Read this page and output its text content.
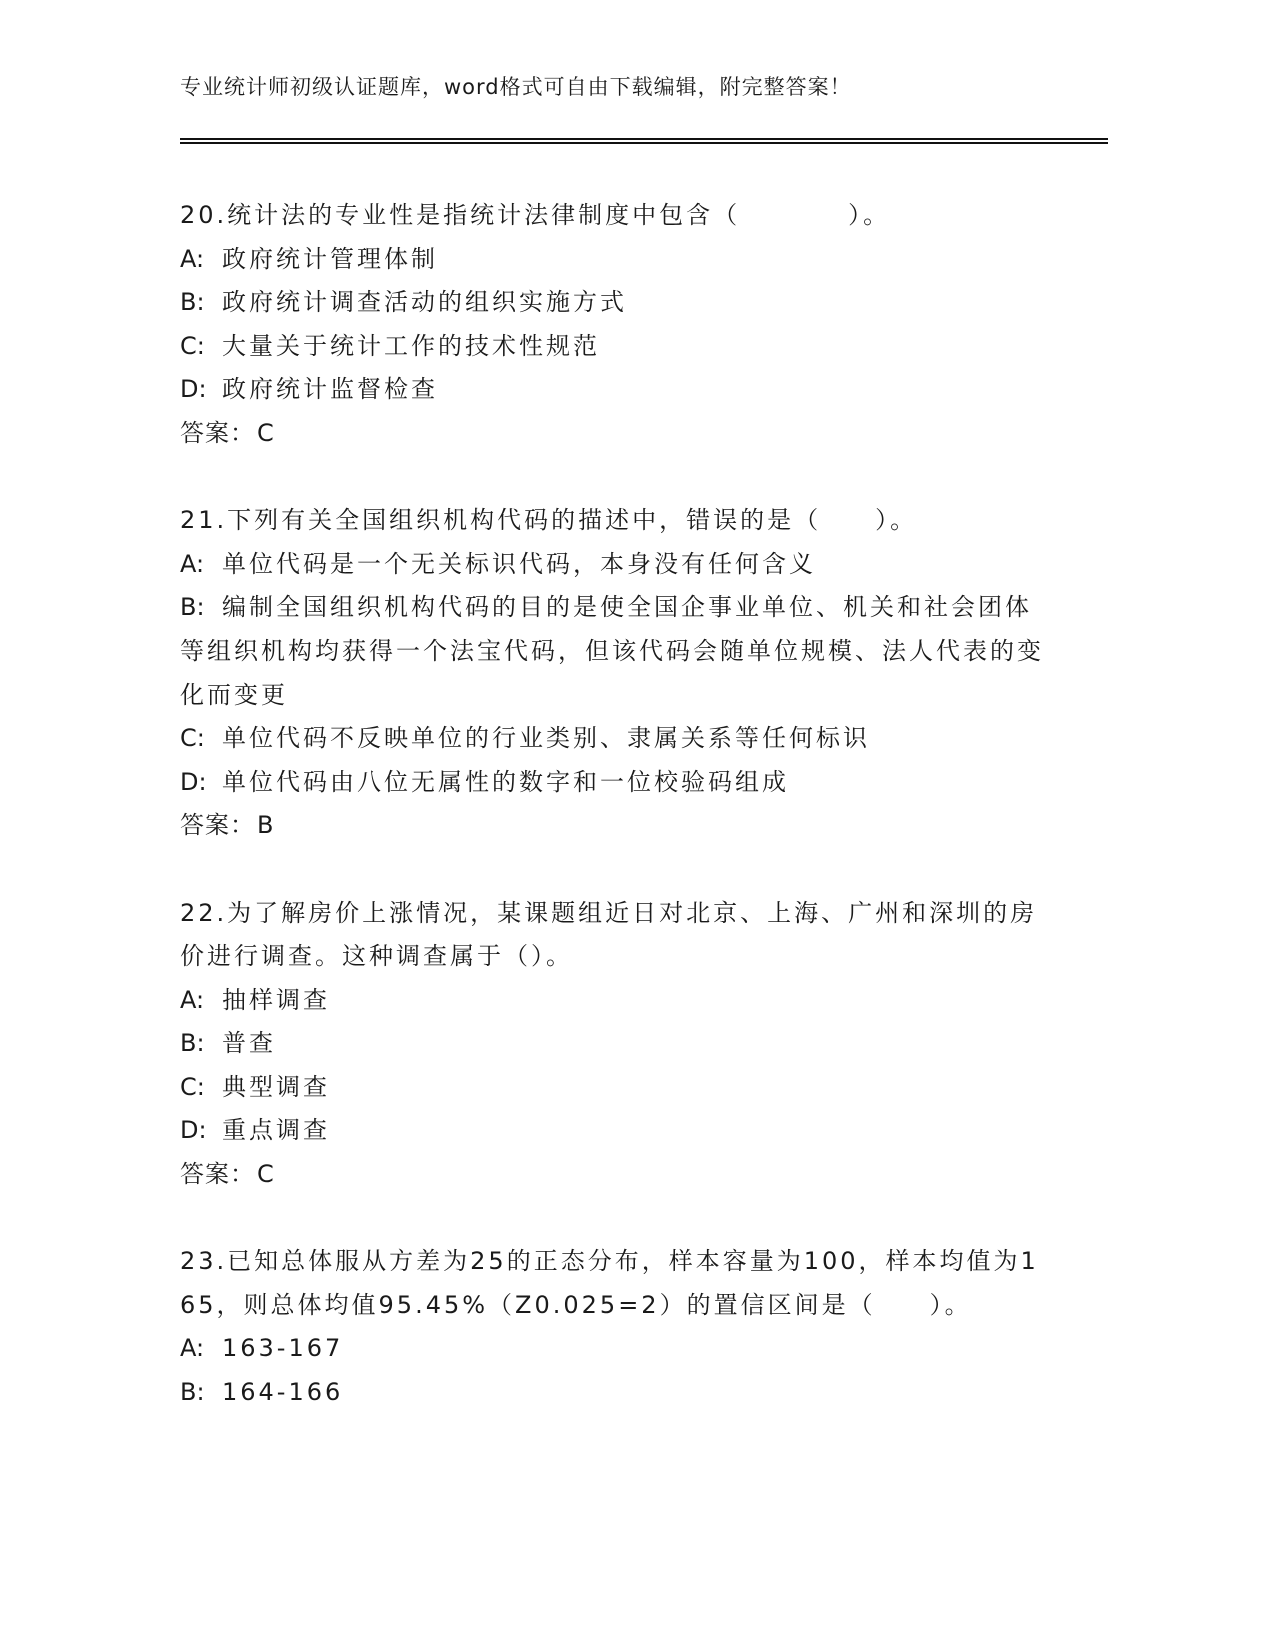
专业统计师初级认证题库，word格式可自由下载编辑，附完整答案！

20.统计法的专业性是指统计法律制度中包含（　　　　）。

A: 政府统计管理体制

B: 政府统计调查活动的组织实施方式

C: 大量关于统计工作的技术性规范

D: 政府统计监督检查

答案：C

21.下列有关全国组织机构代码的描述中，错误的是（　　）。

A: 单位代码是一个无关标识代码，本身没有任何含义

B: 编制全国组织机构代码的目的是使全国企事业单位、机关和社会团体等组织机构均获得一个法宝代码，但该代码会随单位规模、法人代表的变化而变更

C: 单位代码不反映单位的行业类别、隶属关系等任何标识

D: 单位代码由八位无属性的数字和一位校验码组成

答案：B

22.为了解房价上涨情况，某课题组近日对北京、上海、广州和深圳的房价进行调查。这种调查属于（）。

A: 抽样调查

B: 普查

C: 典型调查

D: 重点调查

答案：C

23.已知总体服从方差为25的正态分布，样本容量为100，样本均值为165，则总体均值95.45%（Z0.025=2）的置信区间是（　　）。

A: 163-167

B: 164-166
